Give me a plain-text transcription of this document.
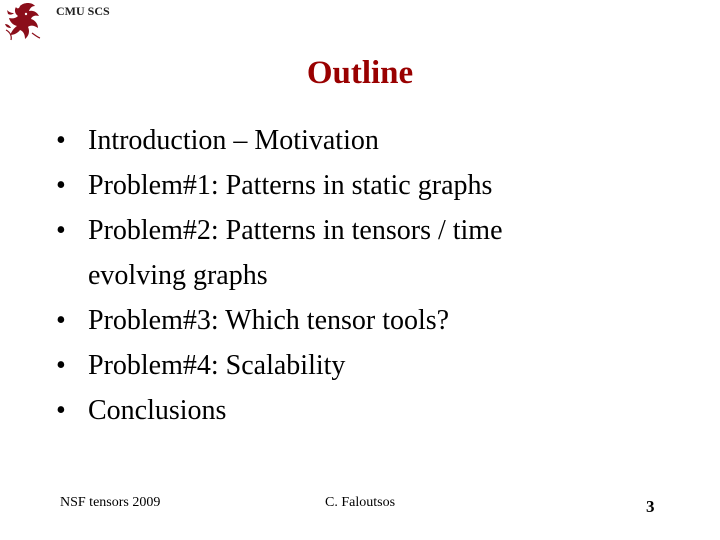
CMU SCS
Outline
• Introduction – Motivation
• Problem#1: Patterns in static graphs
• Problem#2: Patterns in tensors / time
evolving graphs
• Problem#3: Which tensor tools?
• Problem#4: Scalability
• Conclusions
NSF tensors 2009	C. Faloutsos	3
